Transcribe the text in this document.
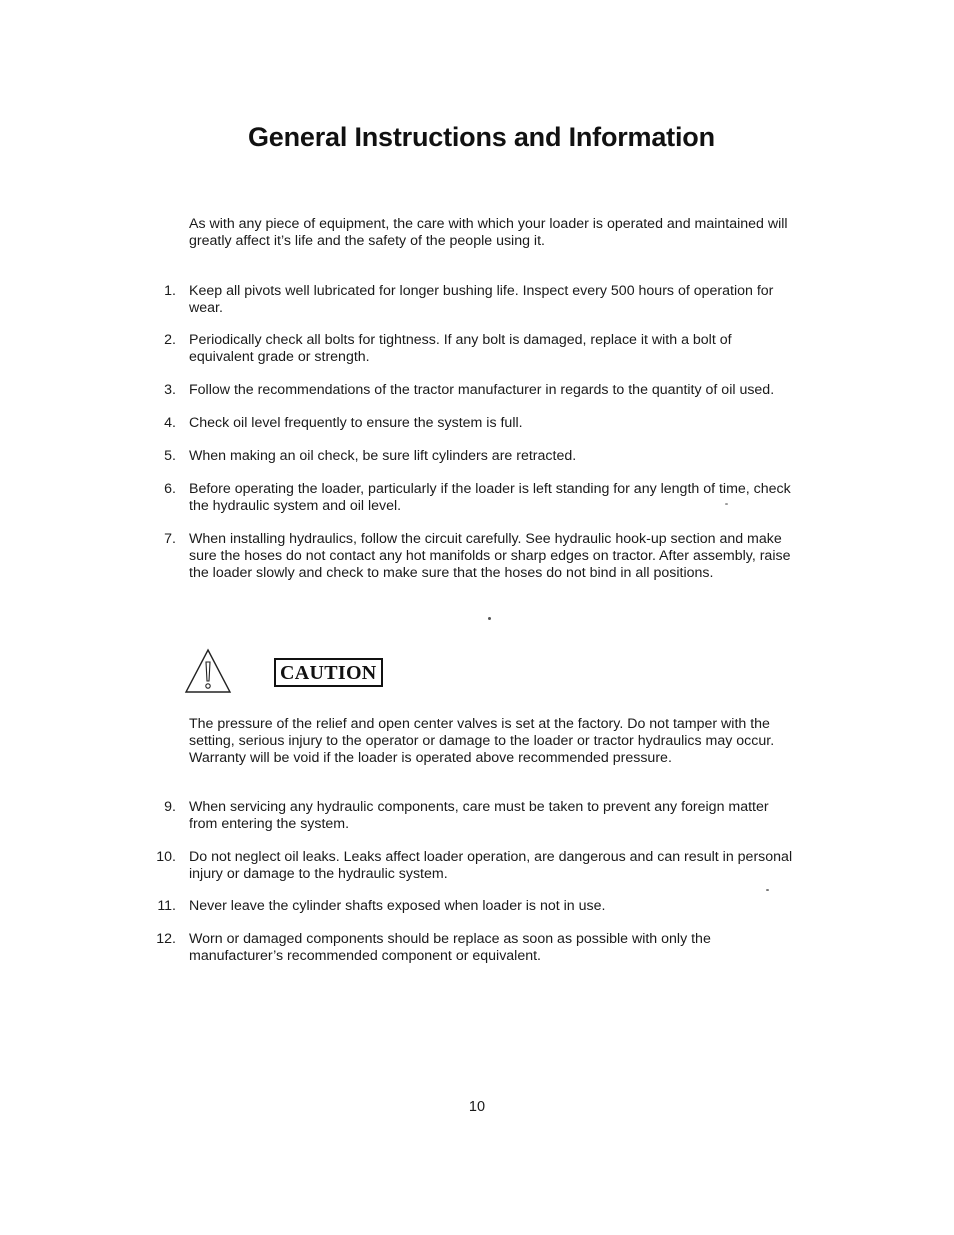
General Instructions and Information
As with any piece of equipment, the care with which your loader is operated and maintained will greatly affect it’s life and the safety of the people using it.
1. Keep all pivots well lubricated for longer bushing life. Inspect every 500 hours of operation for wear.
2. Periodically check all bolts for tightness. If any bolt is damaged, replace it with a bolt of equivalent grade or strength.
3. Follow the recommendations of the tractor manufacturer in regards to the quantity of oil used.
4. Check oil level frequently to ensure the system is full.
5. When making an oil check, be sure lift cylinders are retracted.
6. Before operating the loader, particularly if the loader is left standing for any length of time, check the hydraulic system and oil level.
7. When installing hydraulics, follow the circuit carefully. See hydraulic hook-up section and make sure the hoses do not contact any hot manifolds or sharp edges on tractor. After assembly, raise the loader slowly and check to make sure that the hoses do not bind in all positions.
CAUTION
The pressure of the relief and open center valves is set at the factory. Do not tamper with the setting, serious injury to the operator or damage to the loader or tractor hydraulics may occur. Warranty will be void if the loader is operated above recommended pressure.
9. When servicing any hydraulic components, care must be taken to prevent any foreign matter from entering the system.
10. Do not neglect oil leaks. Leaks affect loader operation, are dangerous and can result in personal injury or damage to the hydraulic system.
11. Never leave the cylinder shafts exposed when loader is not in use.
12. Worn or damaged components should be replace as soon as possible with only the manufacturer’s recommended component or equivalent.
10
